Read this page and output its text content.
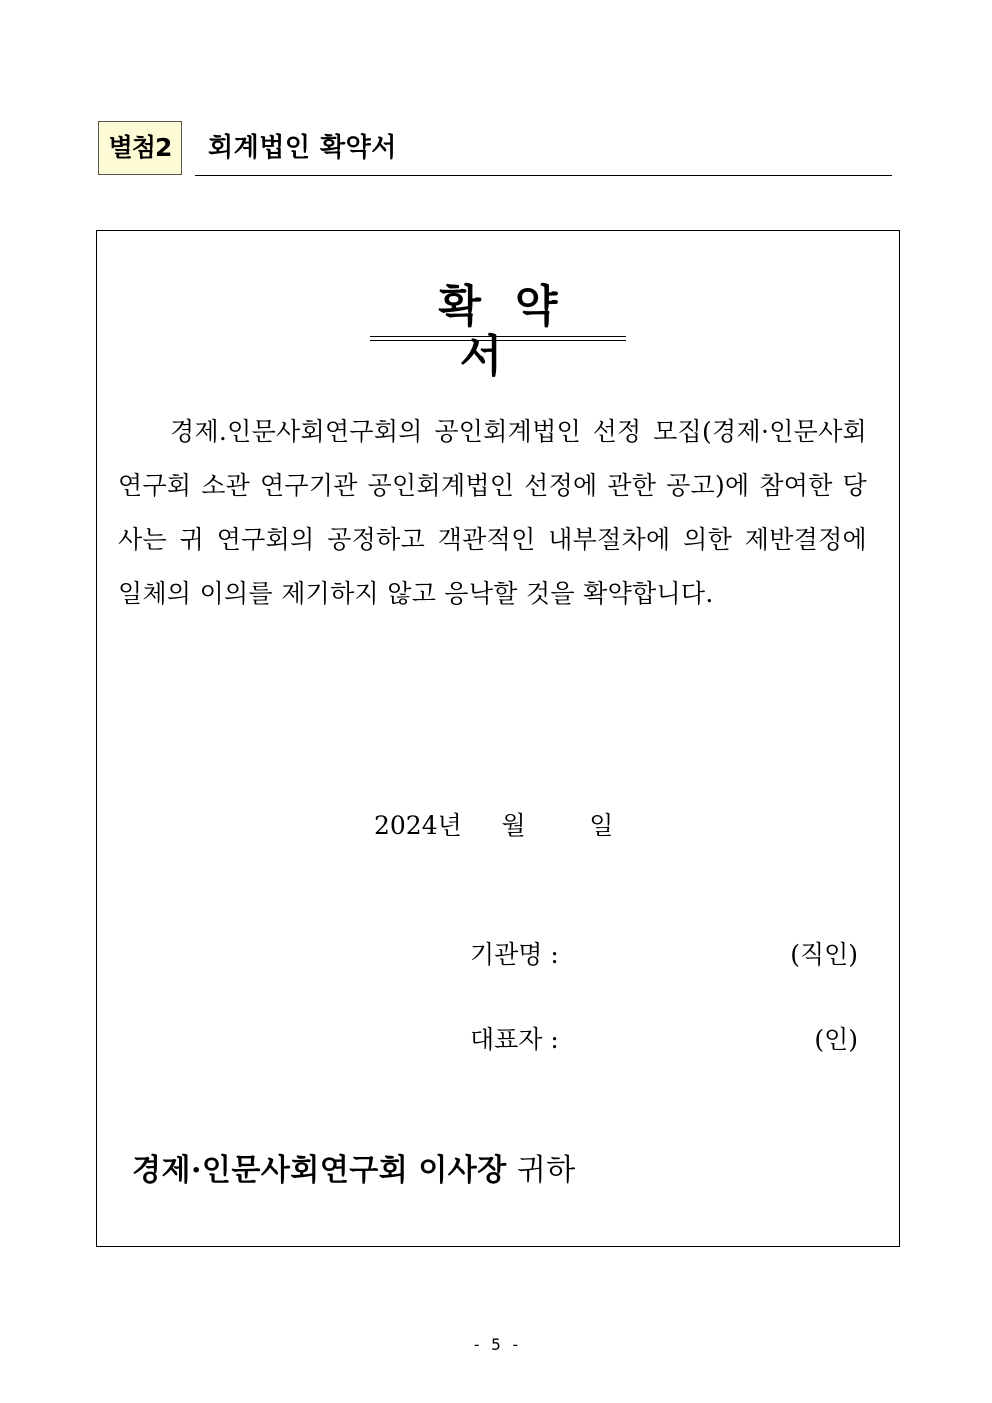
별첨2	회계법인 확약서
확약서

경제.인문사회연구회의 공인회계법인 선정 모집(경제·인문사회연구회 소관 연구기관 공인회계법인 선정에 관한 공고)에 참여한 당 사는 귀 연구회의 공정하고 객관적인 내부절차에 의한 제반결정에 일체의 이의를 제기하지 않고 응낙할 것을 확약합니다.

2024년     월        일
기관명 :	(직인)
대표자 :	(인)
경제·인문사회연구회 이사장 귀하
- 5 -
